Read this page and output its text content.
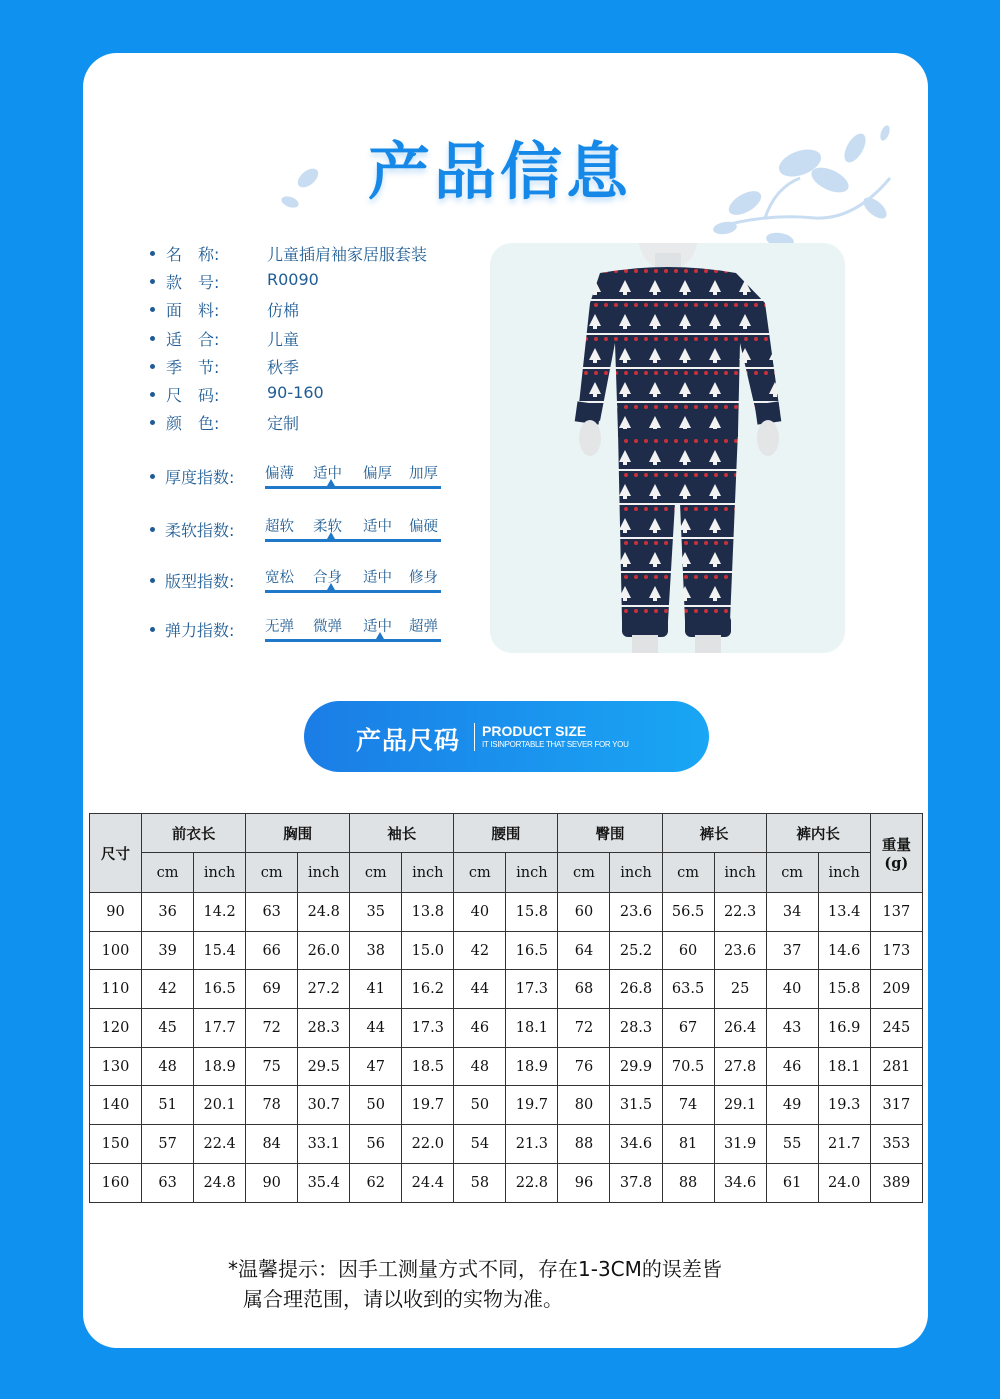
产品信息
名　称:	儿童插肩袖家居服套装
款　号:	R0090
面　料:	仿棉
适　合:	儿童
季　节:	秋季
尺　码:	90-160
颜　色:	定制
厚度指数: 偏薄 适中 偏厚 加厚
柔软指数: 超软 柔软 适中 偏硬
版型指数: 宽松 合身 适中 修身
弹力指数: 无弹 微弹 适中 超弹
产品尺码 PRODUCT SIZE
IT ISINPORTABLE THAT SEVER FOR YOU
尺寸	前衣长		胸围		袖长		腰围		臀围		裤长		裤内长		重量
(g)

	cm	inch	cm	inch	cm	inch	cm	inch	cm	inch	cm	inch	cm	inch	
90	36	14.2	63	24.8	35	13.8	40	15.8	60	23.6	56.5	22.3	34	13.4	137
100	39	15.4	66	26.0	38	15.0	42	16.5	64	25.2	60	23.6	37	14.6	173
110	42	16.5	69	27.2	41	16.2	44	17.3	68	26.8	63.5	25	40	15.8	209
120	45	17.7	72	28.3	44	17.3	46	18.1	72	28.3	67	26.4	43	16.9	245
130	48	18.9	75	29.5	47	18.5	48	18.9	76	29.9	70.5	27.8	46	18.1	281
140	51	20.1	78	30.7	50	19.7	50	19.7	80	31.5	74	29.1	49	19.3	317
150	57	22.4	84	33.1	56	22.0	54	21.3	88	34.6	81	31.9	55	21.7	353
160	63	24.8	90	35.4	62	24.4	58	22.8	96	37.8	88	34.6	61	24.0	389
*温馨提示：因手工测量方式不同，存在1-3CM的误差皆
属合理范围，请以收到的实物为准。
